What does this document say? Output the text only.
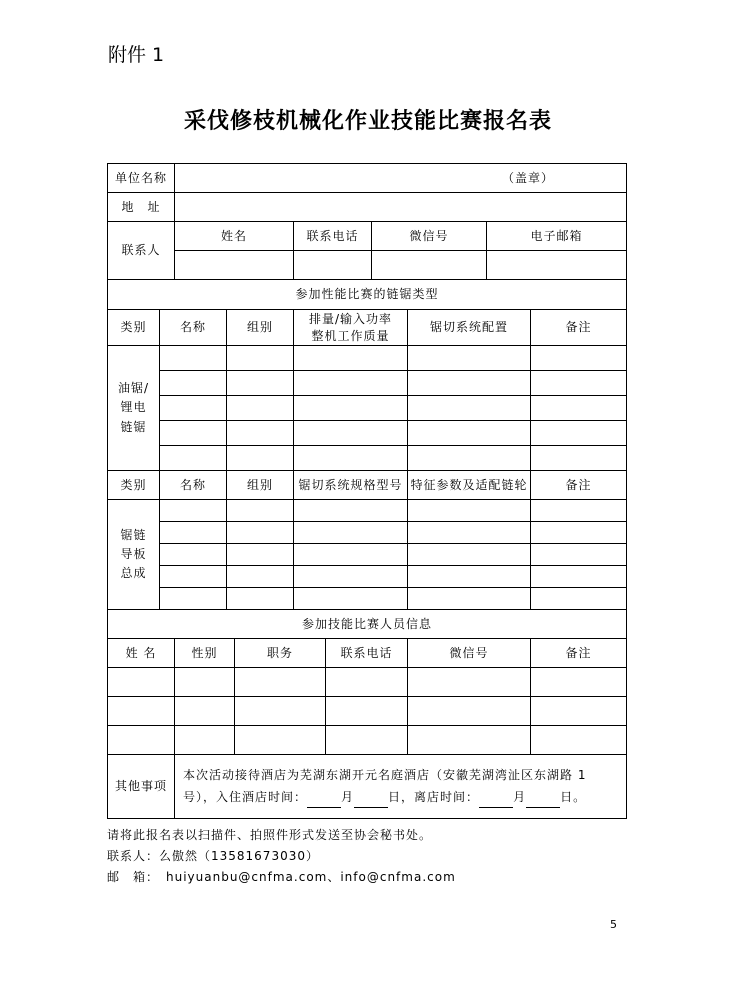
附件 1
采伐修枝机械化作业技能比赛报名表
单位名称		（盖章）								
地　址										
联系人		姓名			联系电话		微信号		电子邮箱	

参加性能比赛的链锯类型										
类别	名称		组别		排量/输入功率
整机工作质量			锯切系统配置		备注
油锯/
锂电
链锯										

类别	名称		组别		锯切系统规格型号			特征参数及适配链轮		备注
锯链
导板
总成										

参加技能比赛人员信息										
姓 名		性别		职务		联系电话		微信号		备注

其他事项		本次活动接待酒店为芜湖东湖开元名庭酒店（安徽芜湖湾沚区东湖路 1
号），入住酒店时间： 月 日，离店时间： 月 日。								
请将此报名表以扫描件、拍照件形式发送至协会秘书处。
联系人：么傲然（13581673030）
邮　箱：　huiyuanbu@cnfma.com、info@cnfma.com
5
